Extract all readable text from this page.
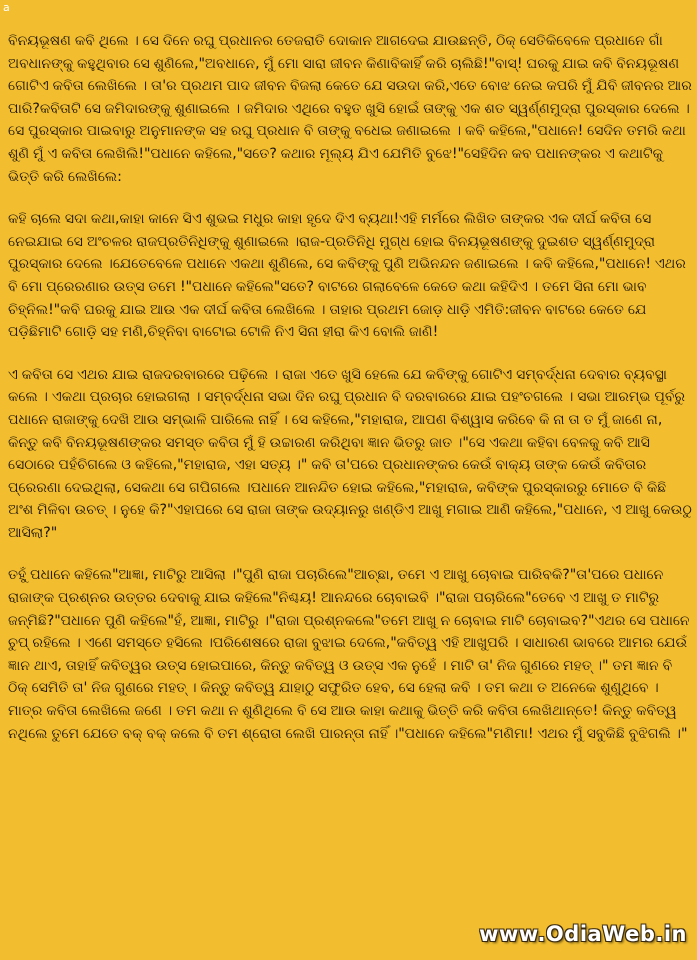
a

ବିନୟଭୂଷଣ କବି ଥିଲେ । ସେ ଦିନେ ରଘୁ ପ୍ରଧାନର ତେଜରାତି ଦୋକାନ ଆଗଦେଇ ଯାଉଛନ୍ତି, ଠିକ୍ ସେତିକିବେଳେ ପ୍ରଧାନେ ଗାଁ ଅବଧାନଙ୍କୁ କହୁଥିବାର ସେ ଶୁଣିଲେ,"ଅବଧାନେ, ମୁଁ ମୋ ସାରା ଜୀବନ କିଣାବିକାହିଁ କରି ଚାଲିଛି!"ବାସ୍! ଘରକୁ ଯାଇ କବି ବିନୟଭୂଷଣ ଗୋଟିଏ କବିତା ଲେଖିଲେ । ତା'ର ପ୍ରଥମ ପାଦ ଜୀବନ ବିଜଲା କେତେ ଯେ ସଉଦା କରି,ଏତେ ବୋଝ ନେଇ କପରି ମୁଁ ଯିବି ଜୀବନର ଆର ପାରି?କବିତାଟି ସେ ଜମିଦାରଙ୍କୁ ଶୁଣାଇଲେ । ଜମିଦାର ଏଥିରେ ବହୁତ ଖୁସି ହୋଇଁ ତାଙ୍କୁ ଏକ ଶତ ସ୍ୱର୍ଣ୍ଣମୁଦ୍ରା ପୁରସ୍କାର ଦେଲେ । ସେ ପୁରସ୍କାର ପାଇବାରୁ ଅନୁମାନଙ୍କ ସହ ରଘୁ ପ୍ରଧାନ ବି ତାଙ୍କୁ ବଧେଇ ଜଣାଇଲେ । କବି କହିଲେ,"ପଧାନେ! ସେଦିନ ତମରି କଥା ଶୁଣି ମୁଁ ଏ କବିତା ଲେଖିଲି!"ପଧାନେ କହିଲେ,"ସତେ? କଥାର ମୂଲ୍ୟ ଯିଏ ଯେମିତି ବୁଝେ!"ସେହିଦିନ କବ ପଧାନଙ୍କର ଏ କଥାଟିକୁ ଭିତ୍ତି କରି ଲେଖିଲେ:

କହି ଚାଲେ ସଦା କଥା,କାହା କାନେ ସିଏ ଶୁଭଇ ମଧୁର କାହା ହୃଦେ ଦିଏ ବ୍ୟଥା!ଏହି ମର୍ମରେ ଲିଖିତ ତାଙ୍କର ଏକ ଦୀର୍ଘ କବିତା ସେ ନେଇଯାଇ ସେ ଅଂଚଳର ରାଜପ୍ରତିନିଧିଙ୍କୁ ଶୁଣାଇଲେ ।ରାଜ-ପ୍ରତିନିଧି ମୁଗ୍ଧ ହୋଇ ବିନୟଭୂଷଣଙ୍କୁ ଦୁଇଶତ ସ୍ୱର୍ଣ୍ଣମୁଦ୍ରା ପୁରସ୍କାର ଦେଲେ ।ଯେତେବେଳେ ପଧାନେ ଏକଥା ଶୁଣିଲେ, ସେ କବିଙ୍କୁ ପୁଣି ଅଭିନନ୍ଦନ ଜଣାଇଲେ । କବି କହିଲେ,"ପଧାନେ! ଏଥର ବି ମୋ ପ୍ରେରଣାର ଉତ୍ସ ତମେ !"ପଧାନେ କହିଲେ"ସତେ? ବାଟରେ ଗଲାବେଳେ କେତେ କଥା କହିଦିଏ । ତମେ ସିନା ମୋ ଭାବ ଚିହ୍ନିଲ!"କବି ଘରକୁ ଯାଇ ଆଉ ଏକ ଦୀର୍ଘ କବିତା ଲେଖିଲେ । ତାହାର ପ୍ରଥମ ଜୋଡ଼ ଧାଡ଼ି ଏମିତି:ଜୀବନ ବାଟରେ କେତେ ଯେ ପଡ଼ିଛିମାଟି ଗୋଡ଼ି ସହ ମଣି,ଚିହ୍ନିବା ବାଟୋଇ ଟୋଳି ନିଏ ସିନା ହୀରା କିଏ ବୋଲି ଜାଣି!

ଏ କବିତା ସେ ଏଥର ଯାଇ ରାଜଦରବାରରେ ପଢ଼ିଲେ । ରାଜା ଏତେ ଖୁସି ହେଲେ ଯେ କବିଙ୍କୁ ଗୋଟିଏ ସମ୍ବର୍ଦ୍ଧନା ଦେବାର ବ୍ୟବସ୍ଥା କଲେ । ଏକଥା ପ୍ରଚାର ହୋଇଗଲା । ସମ୍ବର୍ଦ୍ଧନା ସଭା ଦିନ ରଘୁ ପ୍ରଧାନ ବି ଦରବାରରେ ଯାଇ ପହଂଚଗଲେ । ସଭା ଆରମ୍ଭ ପୂର୍ବରୁ ପଧାନେ ରାଜାଙ୍କୁ ଦେଖି ଆଉ ସମ୍ଭାଳି ପାରିଲେ ନାହିଁ । ସେ କହିଲେ,"ମହାରାଜ, ଆପଣ ବିଶ୍ୱାସ କରିବେ କି ନା ତା ତ ମୁଁ ଜାଣେ ନା, କିନ୍ତୁ କବି ବିନୟଭୂଷଣଙ୍କର ସମସ୍ତ କବିତା ମୁଁ ହି ଉଚ୍ଚାରଣ କରିଥିବା ଜ୍ଞାନ ଭିତରୁ ଜାତ ।"ସେ ଏକଥା କହିବା ବେଳକୁ କବି ଆସି ସେଠାରେ ପହଁଚିଗଲେ ଓ କହିଲେ,"ମହାରାଜ, ଏହା ସତ୍ୟ ।" କବି ତା'ପରେ ପ୍ରଧାନଙ୍କର କେଉଁ ବାକ୍ୟ ତାଙ୍କ କେଉଁ କବିତାର ପ୍ରେରଣା ଦେଇଥିଲା, ସେକଥା ସେ ଗପିଗଲେ ।ପଧାନେ ଆନନ୍ଦିତ ହୋଇ କହିଲେ,"ମହାରାଜ, କବିଙ୍କ ପୁରସ୍କାରରୁ ମୋତେ ବି କିଛି ଅଂଶ ମିଳିବା ଉଚତ୍ । ନୁହେ କି?"ଏହାପରେ ସେ ରାଜା ତାଙ୍କ ଉଦ୍ୟାନରୁ ଖଣ୍ଡିଏ ଆଖୁ ମଗାଇ ଆଣି କହିଲେ,"ପଧାନେ, ଏ ଆଖୁ କେଉଠୁ ଆସିଲା?"

ତହୁଁ ପଧାନେ କହିଲେ"ଆଜ୍ଞା, ମାଟିରୁ ଆସିଲା ।"ପୁଣି ରାଜା ପଚାରିଲେ"ଆଚ୍ଛା, ତମେ ଏ ଆଖୁ ଚୋବାଇ ପାରିବକି?"ତା'ପରେ ପଧାନେ ରାଜାଙ୍କ ପ୍ରଶ୍ନର ଉତ୍ତର ଦେବାକୁ ଯାଇ କହିଲେ"ନିଶ୍ଚୟ! ଆନନ୍ଦରେ ଚୋବାଇବି ।"ରାଜା ପଚାରିଲେ"ତେବେ ଏ ଆଖୁ ତ ମାଟିରୁ ଜନ୍ମିଛି?"ପଧାନେ ପୁଣି କହିଲେ"ହଁ, ଆଜ୍ଞା, ମାଟିରୁ ।"ରାଜା ପ୍ରଶ୍ନକଲେ"ତମେ ଆଖୁ ନ ଚୋବାଇ ମାଟି ଚୋବାଇବ?"ଏଥର ସେ ପଧାନେ ଚୁପ୍ ରହିଲେ । ଏଣେ ସମସ୍ତେ ହସିଲେ ।ପରିଶେଷରେ ରାଜା ବୁଝାଇ ଦେଲେ,"କବିତ୍ୱ ଏହି ଆଖୁପରି । ସାଧାରଣ ଭାବରେ ଆମର ଯେଉଁ ଜ୍ଞାନ ଥାଏ, ତାହାହିଁ କବିତ୍ୱର ଉତ୍ସ ହୋଇପାରେ, କିନ୍ତୁ କବିତ୍ୱ ଓ ଉତ୍ସ ଏକ ନୁହେଁ । ମାଟି ତା' ନିଜ ଗୁଣରେ ମହତ୍ ।" ତମ ଜ୍ଞାନ ବି ଠିକ୍ ସେମିତି ତା' ନିଜ ଗୁଣରେ ମହତ୍ । କିନ୍ତୁ କବିତ୍ୱ ଯାହାଠୁ ସଫୁରିତ ହେବ, ସେ ହେଲା କବି । ତମ କଥା ତ ଅନେକେ ଶୁଣୁଥିବେ । ମାତ୍ର କବିତା ଲେଖିଲେ ଜଣେ । ତମ କଥା ନ ଶୁଣିଥିଲେ ବି ସେ ଆଉ କାହା କଥାକୁ ଭିତ୍ତି କରି କବିତା ଲେଖିଥାନ୍ତେ! କିନ୍ତୁ କବିତ୍ୱ ନଥିଲେ ତୁମେ ଯେତେ ବକ୍ ବକ୍ କଲେ ବି ତମ ଶ୍ରୋତା ଲେଖି ପାରନ୍ତା ନାହିଁ ।"ପଧାନେ କହିଲେ"ମଣିମା! ଏଥର ମୁଁ ସବୁକିଛି ବୁଝିଗଲି ।"

www.OdiaWeb.in
